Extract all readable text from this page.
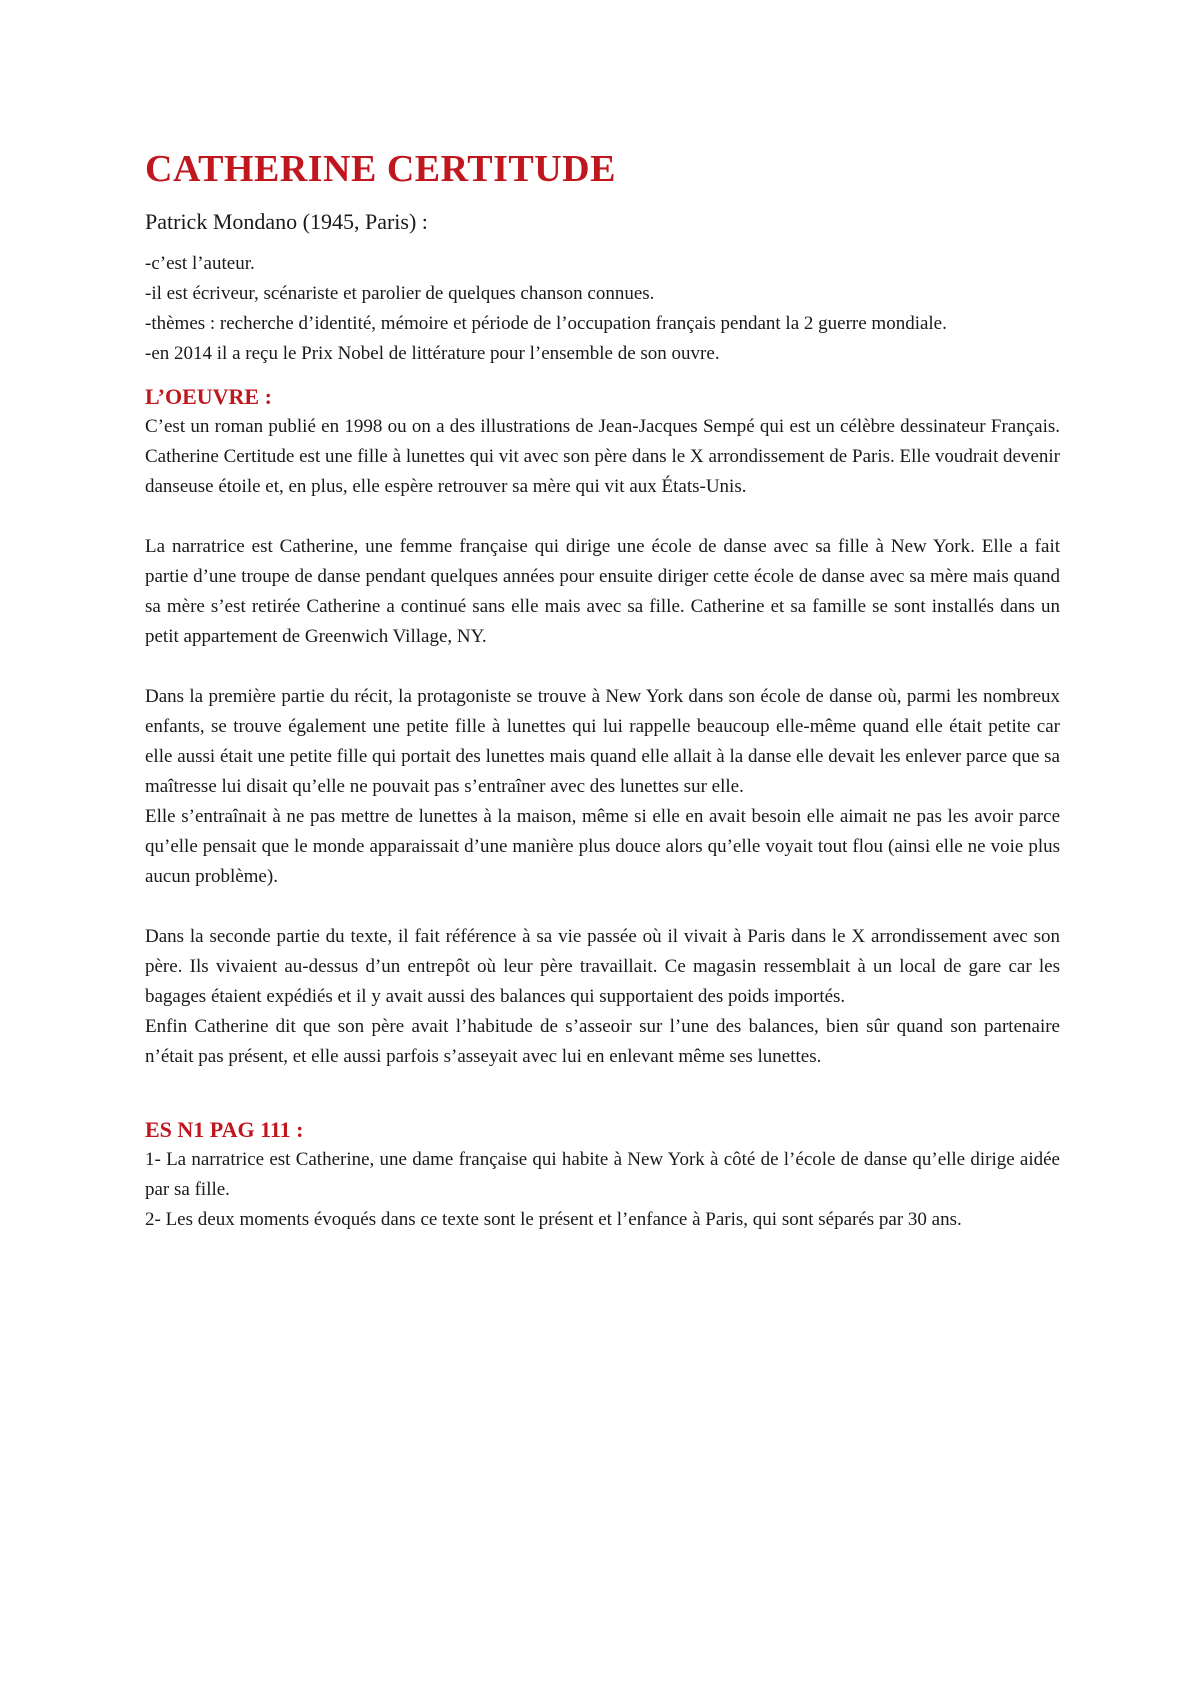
CATHERINE CERTITUDE
Patrick Mondano (1945, Paris) :

-c’est l’auteur.

-il est écriveur, scénariste et parolier de quelques chanson connues.

-thèmes : recherche d’identité, mémoire et période de l’occupation français pendant la 2 guerre mondiale.

-en 2014 il a reçu le Prix Nobel de littérature pour l’ensemble de son ouvre.

L’OEUVRE :

C’est un roman publié en 1998 ou on a des illustrations de Jean-Jacques Sempé qui est un célèbre dessinateur Français. Catherine Certitude est une fille à lunettes qui vit avec son père dans le X arrondissement de Paris. Elle voudrait devenir danseuse étoile et, en plus, elle espère retrouver sa mère qui vit aux États-Unis.

La narratrice est Catherine, une femme française qui dirige une école de danse avec sa fille à New York. Elle a fait partie d’une troupe de danse pendant quelques années pour ensuite diriger cette école de danse avec sa mère mais quand sa mère s’est retirée Catherine a continué sans elle mais avec sa fille. Catherine et sa famille se sont installés dans un petit appartement de Greenwich Village, NY.

Dans la première partie du récit, la protagoniste se trouve à New York dans son école de danse où, parmi les nombreux enfants, se trouve également une petite fille à lunettes qui lui rappelle beaucoup elle-même quand elle était petite car elle aussi était une petite fille qui portait des lunettes mais quand elle allait à la danse elle devait les enlever parce que sa maîtresse lui disait qu’elle ne pouvait pas s’entraîner avec des lunettes sur elle.

Elle s’entraînait à ne pas mettre de lunettes à la maison, même si elle en avait besoin elle aimait ne pas les avoir parce qu’elle pensait que le monde apparaissait d’une manière plus douce alors qu’elle voyait tout flou (ainsi elle ne voie plus aucun problème).

Dans la seconde partie du texte, il fait référence à sa vie passée où il vivait à Paris dans le X arrondissement avec son père. Ils vivaient au-dessus d’un entrepôt où leur père travaillait. Ce magasin ressemblait à un local de gare car les bagages étaient expédiés et il y avait aussi des balances qui supportaient des poids importés.

Enfin Catherine dit que son père avait l’habitude de s’asseoir sur l’une des balances, bien sûr quand son partenaire n’était pas présent, et elle aussi parfois s’asseyait avec lui en enlevant même ses lunettes.

ES N1 PAG 111 :

1- La narratrice est Catherine, une dame française qui habite à New York à côté de l’école de danse qu’elle dirige aidée par sa fille.

2- Les deux moments évoqués dans ce texte sont le présent et l’enfance à Paris, qui sont séparés par 30 ans.
